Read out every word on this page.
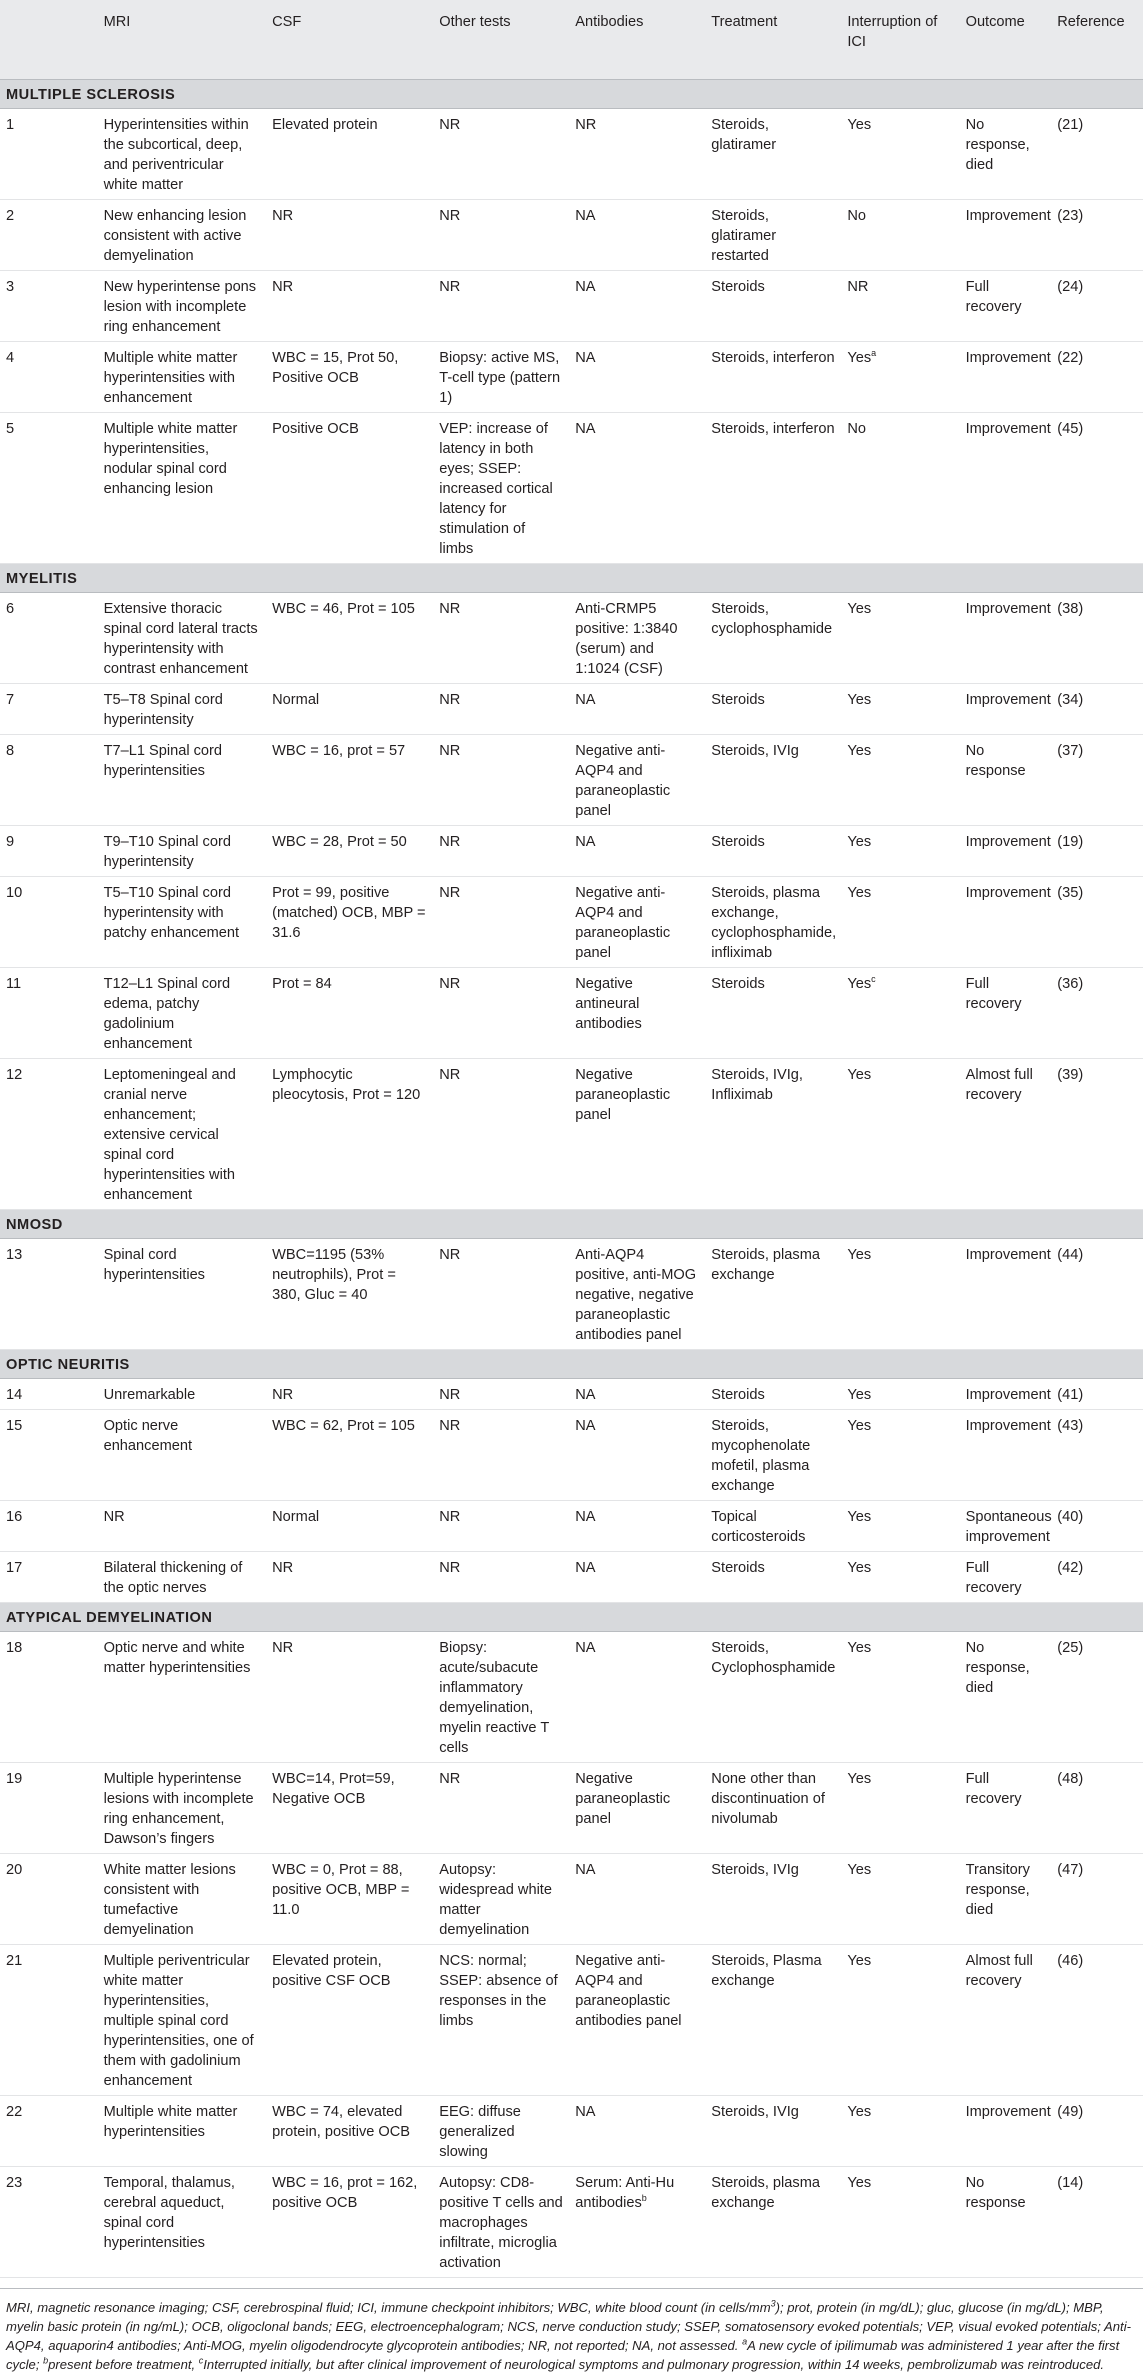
	MRI	CSF	Other tests	Antibodies	Treatment	Interruption of ICI	Outcome	Reference
MULTIPLE SCLEROSIS								
1	Hyperintensities within the subcortical, deep, and periventricular white matter	Elevated protein	NR	NR	Steroids, glatiramer	Yes	No response, died	(21)
2	New enhancing lesion consistent with active demyelination	NR	NR	NA	Steroids, glatiramer restarted	No	Improvement	(23)
3	New hyperintense pons lesion with incomplete ring enhancement	NR	NR	NA	Steroids	NR	Full recovery	(24)
4	Multiple white matter hyperintensities with enhancement	WBC = 15, Prot 50, Positive OCB	Biopsy: active MS, T-cell type (pattern 1)	NA	Steroids, interferon	Yes$^a$	Improvement	(22)
5	Multiple white matter hyperintensities, nodular spinal cord enhancing lesion	Positive OCB	VEP: increase of latency in both eyes; SSEP: increased cortical latency for stimulation of limbs	NA	Steroids, interferon	No	Improvement	(45)
MYELITIS								
6	Extensive thoracic spinal cord lateral tracts hyperintensity with contrast enhancement	WBC = 46, Prot = 105	NR	Anti-CRMP5 positive: 1:3840 (serum) and 1:1024 (CSF)	Steroids, cyclophosphamide	Yes	Improvement	(38)
7	T5–T8 Spinal cord hyperintensity	Normal	NR	NA	Steroids	Yes	Improvement	(34)
8	T7–L1 Spinal cord hyperintensities	WBC = 16, prot = 57	NR	Negative anti-AQP4 and paraneoplastic panel	Steroids, IVIg	Yes	No response	(37)
9	T9–T10 Spinal cord hyperintensity	WBC = 28, Prot = 50	NR	NA	Steroids	Yes	Improvement	(19)
10	T5–T10 Spinal cord hyperintensity with patchy enhancement	Prot = 99, positive (matched) OCB, MBP = 31.6	NR	Negative anti-AQP4 and paraneoplastic panel	Steroids, plasma exchange, cyclophosphamide, infliximab	Yes	Improvement	(35)
11	T12–L1 Spinal cord edema, patchy gadolinium enhancement	Prot = 84	NR	Negative antineural antibodies	Steroids	Yes$^c$	Full recovery	(36)
12	Leptomeningeal and cranial nerve enhancement; extensive cervical spinal cord hyperintensities with enhancement	Lymphocytic pleocytosis, Prot = 120	NR	Negative paraneoplastic panel	Steroids, IVIg, Infliximab	Yes	Almost full recovery	(39)
NMOSD								
13	Spinal cord hyperintensities	WBC=1195 (53% neutrophils), Prot = 380, Gluc = 40	NR	Anti-AQP4 positive, anti-MOG negative, negative paraneoplastic antibodies panel	Steroids, plasma exchange	Yes	Improvement	(44)
OPTIC NEURITIS								
14	Unremarkable	NR	NR	NA	Steroids	Yes	Improvement	(41)
15	Optic nerve enhancement	WBC = 62, Prot = 105	NR	NA	Steroids, mycophenolate mofetil, plasma exchange	Yes	Improvement	(43)
16	NR	Normal	NR	NA	Topical corticosteroids	Yes	Spontaneous improvement	(40)
17	Bilateral thickening of the optic nerves	NR	NR	NA	Steroids	Yes	Full recovery	(42)
ATYPICAL DEMYELINATION								
18	Optic nerve and white matter hyperintensities	NR	Biopsy: acute/subacute inflammatory demyelination, myelin reactive T cells	NA	Steroids, Cyclophosphamide	Yes	No response, died	(25)
19	Multiple hyperintense lesions with incomplete ring enhancement, Dawson’s fingers	WBC=14, Prot=59, Negative OCB	NR	Negative paraneoplastic panel	None other than discontinuation of nivolumab	Yes	Full recovery	(48)
20	White matter lesions consistent with tumefactive demyelination	WBC = 0, Prot = 88, positive OCB, MBP = 11.0	Autopsy: widespread white matter demyelination	NA	Steroids, IVIg	Yes	Transitory response, died	(47)
21	Multiple periventricular white matter hyperintensities, multiple spinal cord hyperintensities, one of them with gadolinium enhancement	Elevated protein, positive CSF OCB	NCS: normal; SSEP: absence of responses in the limbs	Negative anti-AQP4 and paraneoplastic antibodies panel	Steroids, Plasma exchange	Yes	Almost full recovery	(46)
22	Multiple white matter hyperintensities	WBC = 74, elevated protein, positive OCB	EEG: diffuse generalized slowing	NA	Steroids, IVIg	Yes	Improvement	(49)
23	Temporal, thalamus, cerebral aqueduct, spinal cord hyperintensities	WBC = 16, prot = 162, positive OCB	Autopsy: CD8-positive T cells and macrophages infiltrate, microglia activation	Serum: Anti-Hu antibodies$^b$	Steroids, plasma exchange	Yes	No response	(14)
MRI, magnetic resonance imaging; CSF, cerebrospinal fluid; ICI, immune checkpoint inhibitors; WBC, white blood count (in cells/$mm^3$); prot, protein (in mg/dL); gluc, glucose (in mg/dL); MBP, myelin basic protein (in ng/mL); OCB, oligoclonal bands; EEG, electroencephalogram; NCS, nerve conduction study; SSEP, somatosensory evoked potentials; VEP, visual evoked potentials; Anti-AQP4, aquaporin4 antibodies; Anti-MOG, myelin oligodendrocyte glycoprotein antibodies; NR, not reported; NA, not assessed. $^a$A new cycle of ipilimumab was administered 1 year after the first cycle; $^b$present before treatment, $^c$Interrupted initially, but after clinical improvement of neurological symptoms and pulmonary progression, within 14 weeks, pembrolizumab was reintroduced.
